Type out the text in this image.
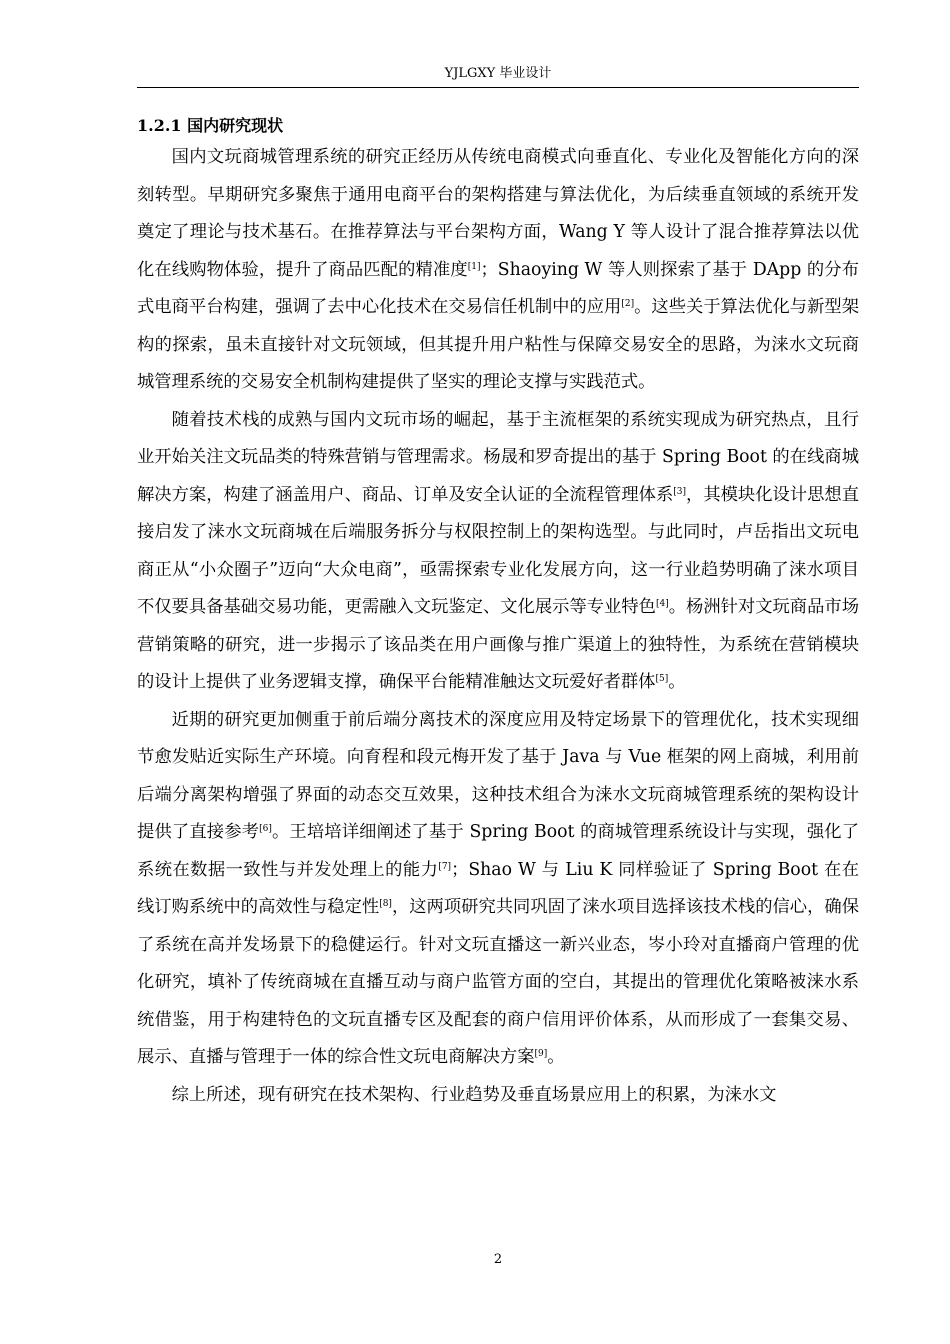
YJLGXY 毕业设计
1.2.1 国内研究现状

国内文玩商城管理系统的研究正经历从传统电商模式向垂直化、专业化及智能化方向的深刻转型。早期研究多聚焦于通用电商平台的架构搭建与算法优化，为后续垂直领域的系统开发奠定了理论与技术基石。在推荐算法与平台架构方面，Wang Y 等人设计了混合推荐算法以优化在线购物体验，提升了商品匹配的精准度[1]；Shaoying W 等人则探索了基于 DApp 的分布式电商平台构建，强调了去中心化技术在交易信任机制中的应用[2]。这些关于算法优化与新型架构的探索，虽未直接针对文玩领域，但其提升用户粘性与保障交易安全的思路，为涞水文玩商城管理系统的交易安全机制构建提供了坚实的理论支撑与实践范式。

随着技术栈的成熟与国内文玩市场的崛起，基于主流框架的系统实现成为研究热点，且行业开始关注文玩品类的特殊营销与管理需求。杨晟和罗奇提出的基于 Spring Boot 的在线商城解决方案，构建了涵盖用户、商品、订单及安全认证的全流程管理体系[3]，其模块化设计思想直接启发了涞水文玩商城在后端服务拆分与权限控制上的架构选型。与此同时，卢岳指出文玩电商正从“小众圈子”迈向“大众电商”，亟需探索专业化发展方向，这一行业趋势明确了涞水项目不仅要具备基础交易功能，更需融入文玩鉴定、文化展示等专业特色[4]。杨洲针对文玩商品市场营销策略的研究，进一步揭示了该品类在用户画像与推广渠道上的独特性，为系统在营销模块的设计上提供了业务逻辑支撑，确保平台能精准触达文玩爱好者群体[5]。

近期的研究更加侧重于前后端分离技术的深度应用及特定场景下的管理优化，技术实现细节愈发贴近实际生产环境。向育程和段元梅开发了基于 Java 与 Vue 框架的网上商城，利用前后端分离架构增强了界面的动态交互效果，这种技术组合为涞水文玩商城管理系统的架构设计提供了直接参考[6]。王培培详细阐述了基于 Spring Boot 的商城管理系统设计与实现，强化了系统在数据一致性与并发处理上的能力[7]；Shao W 与 Liu K 同样验证了 Spring Boot 在在线订购系统中的高效性与稳定性[8]，这两项研究共同巩固了涞水项目选择该技术栈的信心，确保了系统在高并发场景下的稳健运行。针对文玩直播这一新兴业态，岑小玲对直播商户管理的优化研究，填补了传统商城在直播互动与商户监管方面的空白，其提出的管理优化策略被涞水系统借鉴，用于构建特色的文玩直播专区及配套的商户信用评价体系，从而形成了一套集交易、展示、直播与管理于一体的综合性文玩电商解决方案[9]。

综上所述，现有研究在技术架构、行业趋势及垂直场景应用上的积累，为涞水文

2
